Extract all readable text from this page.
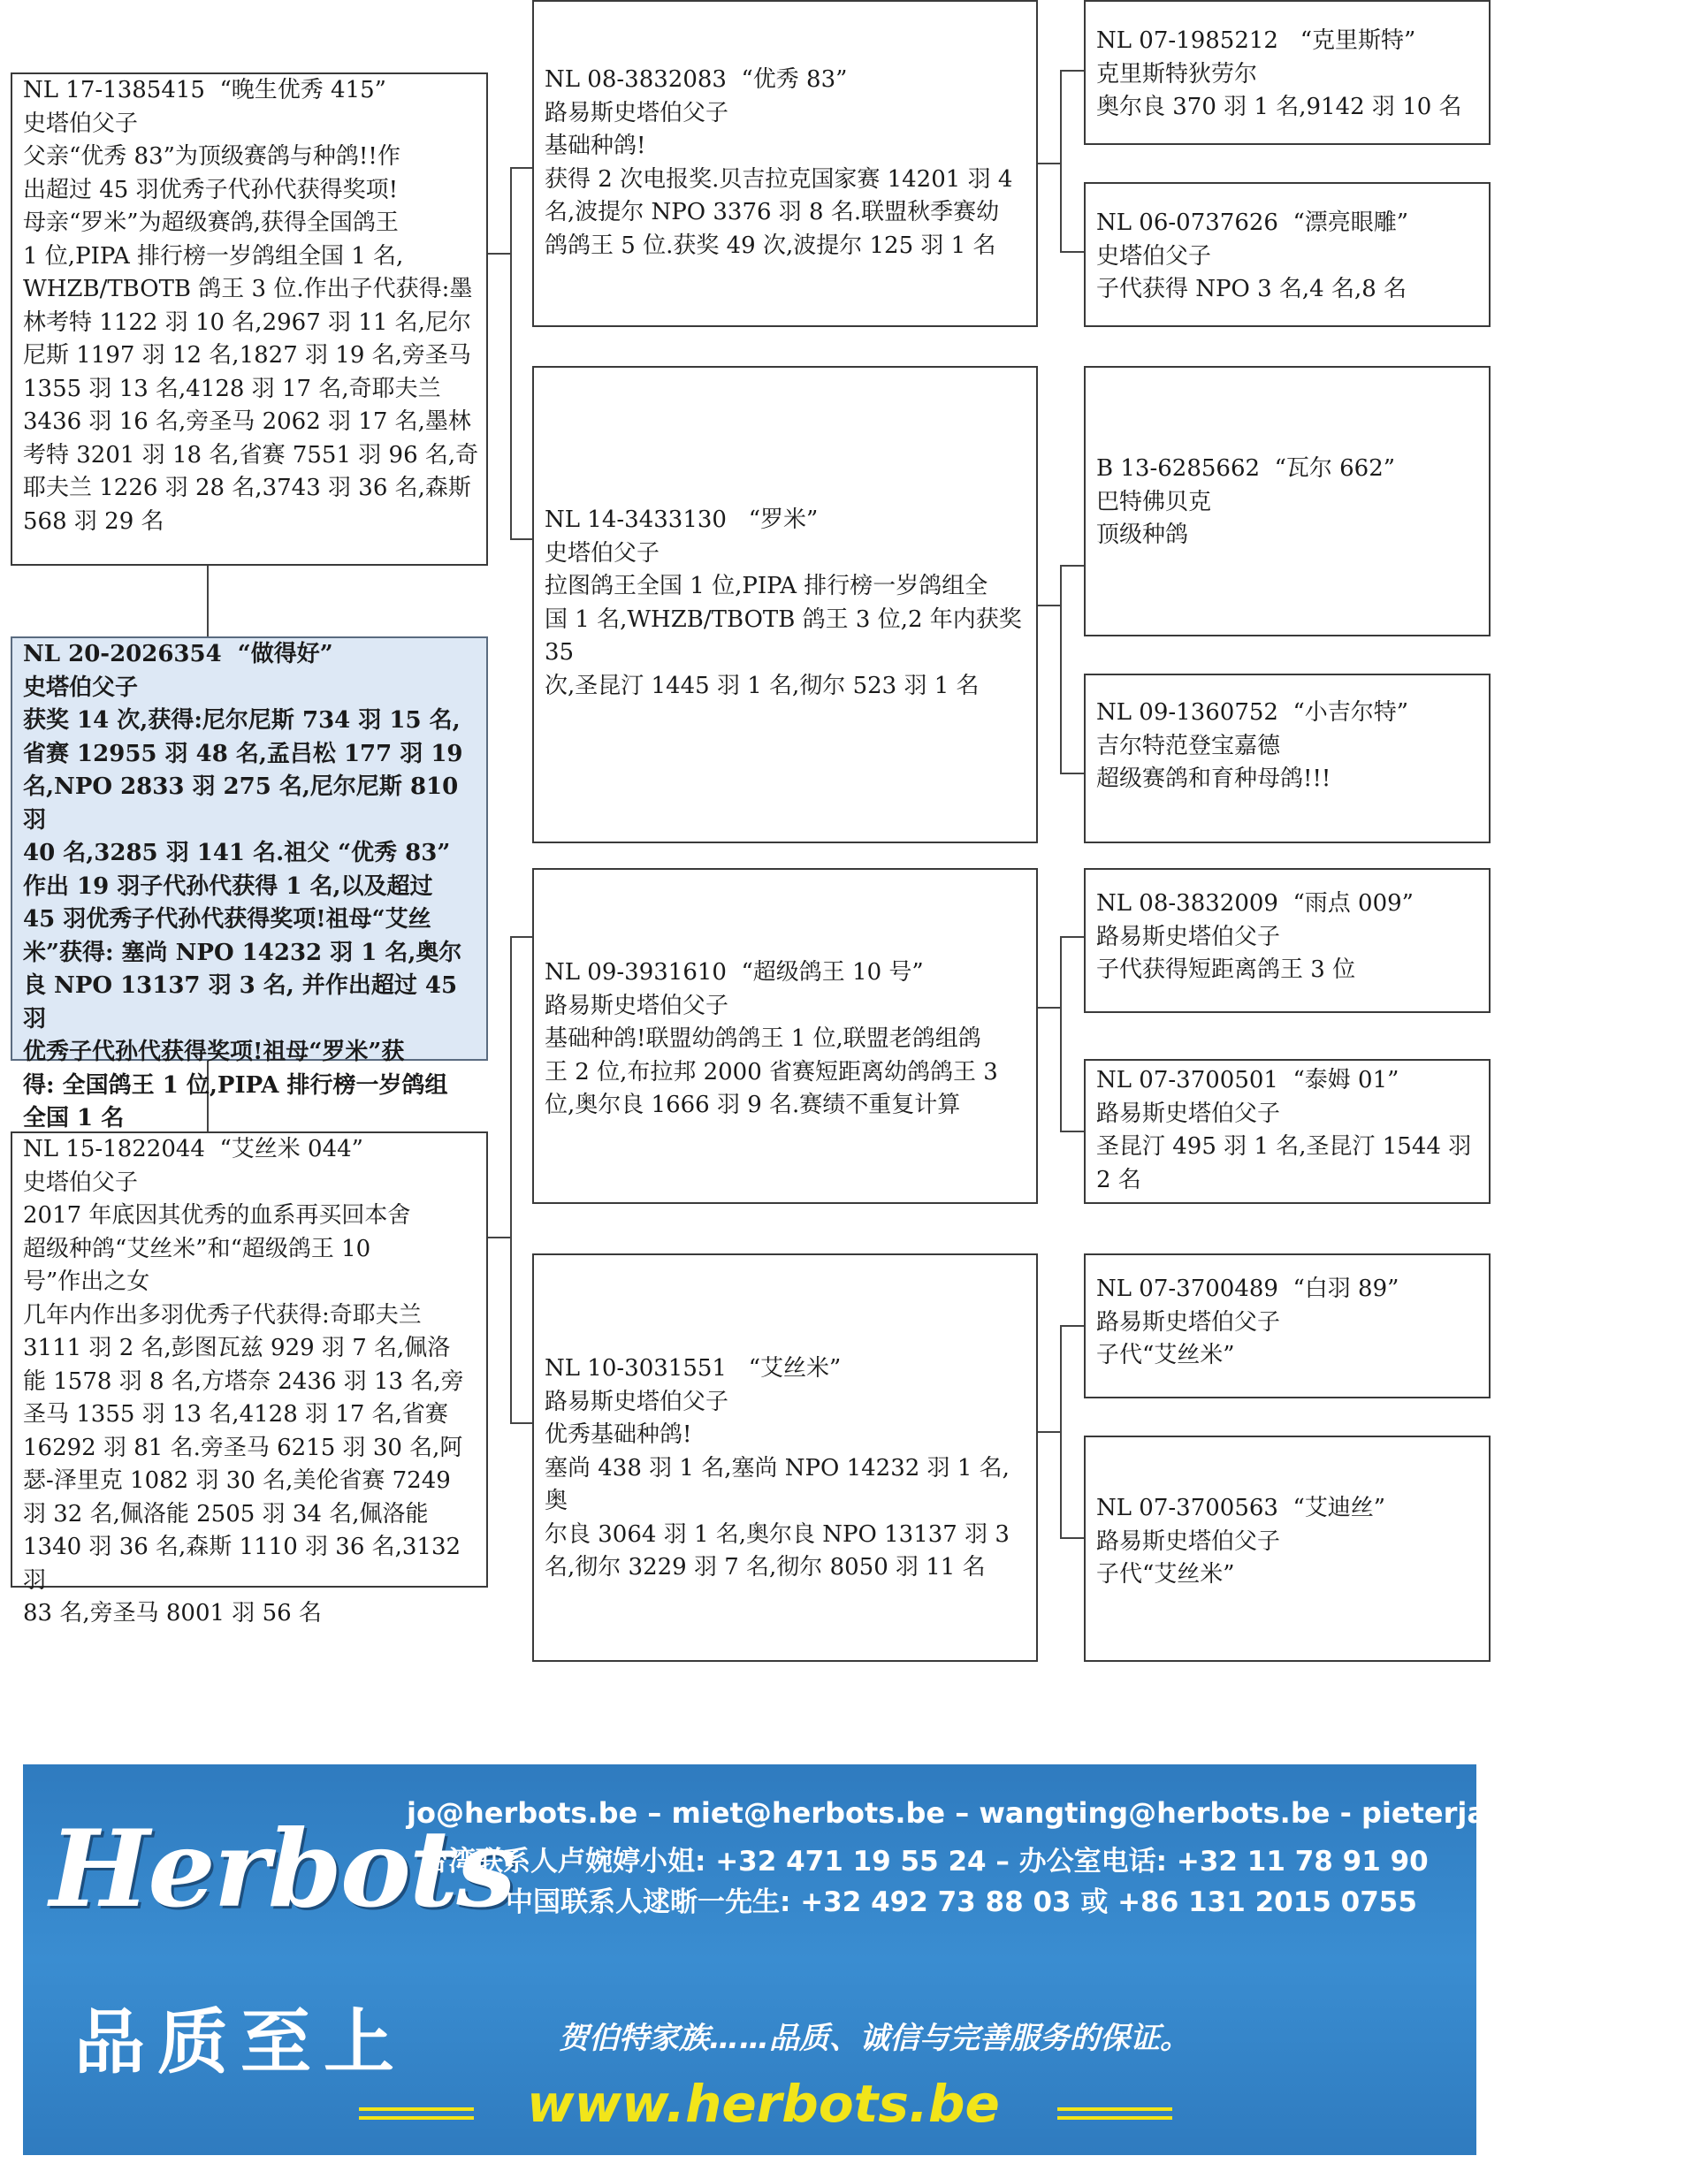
NL 17-1385415  “晚生优秀 415”
史塔伯父子
父亲“优秀 83”为顶级赛鸽与种鸽!!作
出超过 45 羽优秀子代孙代获得奖项!
母亲“罗米”为超级赛鸽,获得全国鸽王
1 位,PIPA 排行榜一岁鸽组全国 1 名,
WHZB/TBOTB 鸽王 3 位.作出子代获得:墨
林考特 1122 羽 10 名,2967 羽 11 名,尼尔
尼斯 1197 羽 12 名,1827 羽 19 名,旁圣马
1355 羽 13 名,4128 羽 17 名,奇耶夫兰
3436 羽 16 名,旁圣马 2062 羽 17 名,墨林
考特 3201 羽 18 名,省赛 7551 羽 96 名,奇
耶夫兰 1226 羽 28 名,3743 羽 36 名,森斯
568 羽 29 名
NL 20-2026354  “做得好”
史塔伯父子
获奖 14 次,获得:尼尔尼斯 734 羽 15 名,
省赛 12955 羽 48 名,孟吕松 177 羽 19
名,NPO 2833 羽 275 名,尼尔尼斯 810 羽
40 名,3285 羽 141 名.祖父 “优秀 83”
作出 19 羽子代孙代获得 1 名,以及超过
45 羽优秀子代孙代获得奖项!祖母“艾丝
米”获得: 塞尚 NPO 14232 羽 1 名,奥尔
良 NPO 13137 羽 3 名, 并作出超过 45 羽
优秀子代孙代获得奖项!祖母“罗米”获
得: 全国鸽王 1 位,PIPA 排行榜一岁鸽组
全国 1 名
NL 15-1822044  “艾丝米 044”
史塔伯父子
2017 年底因其优秀的血系再买回本舍
超级种鸽“艾丝米”和“超级鸽王 10
号”作出之女
几年内作出多羽优秀子代获得:奇耶夫兰
3111 羽 2 名,彭图瓦兹 929 羽 7 名,佩洛
能 1578 羽 8 名,方塔奈 2436 羽 13 名,旁
圣马 1355 羽 13 名,4128 羽 17 名,省赛
16292 羽 81 名.旁圣马 6215 羽 30 名,阿
瑟-泽里克 1082 羽 30 名,美伦省赛 7249
羽 32 名,佩洛能 2505 羽 34 名,佩洛能
1340 羽 36 名,森斯 1110 羽 36 名,3132 羽
83 名,旁圣马 8001 羽 56 名
NL 08-3832083  “优秀 83”
路易斯史塔伯父子
基础种鸽!
获得 2 次电报奖.贝吉拉克国家赛 14201 羽 4
名,波提尔 NPO 3376 羽 8 名.联盟秋季赛幼
鸽鸽王 5 位.获奖 49 次,波提尔 125 羽 1 名
NL 14-3433130   “罗米”
史塔伯父子
拉图鸽王全国 1 位,PIPA 排行榜一岁鸽组全
国 1 名,WHZB/TBOTB 鸽王 3 位,2 年内获奖 35
次,圣昆汀 1445 羽 1 名,彻尔 523 羽 1 名
NL 09-3931610  “超级鸽王 10 号”
路易斯史塔伯父子
基础种鸽!联盟幼鸽鸽王 1 位,联盟老鸽组鸽
王 2 位,布拉邦 2000 省赛短距离幼鸽鸽王 3
位,奥尔良 1666 羽 9 名.赛绩不重复计算
NL 10-3031551   “艾丝米”
路易斯史塔伯父子
优秀基础种鸽!
塞尚 438 羽 1 名,塞尚 NPO 14232 羽 1 名,奥
尔良 3064 羽 1 名,奥尔良 NPO 13137 羽 3
名,彻尔 3229 羽 7 名,彻尔 8050 羽 11 名
NL 07-1985212   “克里斯特”
克里斯特狄劳尔
奥尔良 370 羽 1 名,9142 羽 10 名
NL 06-0737626  “漂亮眼雕”
史塔伯父子
子代获得 NPO 3 名,4 名,8 名
B 13-6285662  “瓦尔 662”
巴特佛贝克
顶级种鸽
NL 09-1360752  “小吉尔特”
吉尔特范登宝嘉德
超级赛鸽和育种母鸽!!!
NL 08-3832009  “雨点 009”
路易斯史塔伯父子
子代获得短距离鸽王 3 位
NL 07-3700501  “泰姆 01”
路易斯史塔伯父子
圣昆汀 495 羽 1 名,圣昆汀 1544 羽
2 名
NL 07-3700489  “白羽 89”
路易斯史塔伯父子
子代“艾丝米”
NL 07-3700563  “艾迪丝”
路易斯史塔伯父子
子代“艾丝米”
Herbots
品质至上
jo@herbots.be – miet@herbots.be – wangting@herbots.be - pieterjan@herbots.be
台湾联系人卢婉婷小姐: +32 471 19 55 24 – 办公室电话: +32 11 78 91 90
中国联系人逑晣一先生: +32 492 73 88 03 或 +86 131 2015 0755
贺伯特家族……品质、诚信与完善服务的保证。
www.herbots.be
